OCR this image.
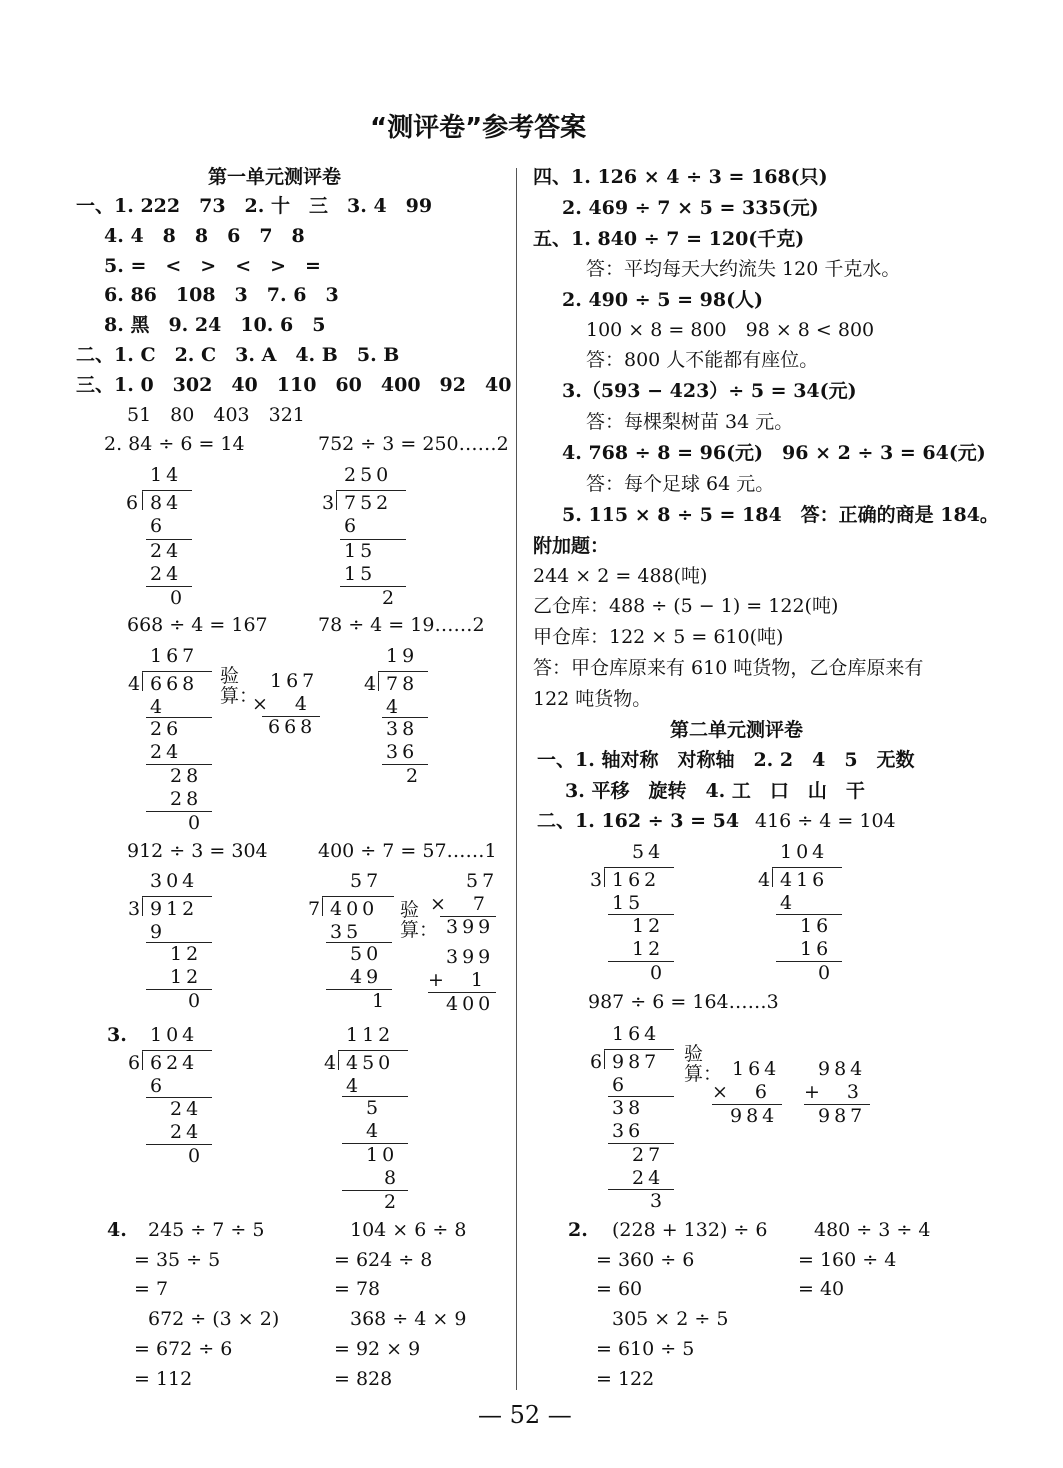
“测评卷”参考答案
第一单元测评卷
一、1. 222　73　2. 十　三　3. 4　99
4. 4　8　8　6　7　8
5. =　<　>　<　>　=
6. 86　108　3　7. 6　3
8. 黑　9. 24　10. 6　5
二、1. C　2. C　3. A　4. B　5. B
三、1. 0　302　40　110　60　400　92　40
51　80　403　321
2. 84 ÷ 6 = 14	752 ÷ 3 = 250……2
14
6 84
6
24
24
0
250
3 752
6
15
15
2
668 ÷ 4 = 167	78 ÷ 4 = 19……2
167
4 668
4
26
24
28
28
0
验算：
167
×　4
668
19
4 78
4
38
36
2
912 ÷ 3 = 304	400 ÷ 7 = 57……1
304
3 912
9
12
12
0
57
7 400
35
50
49
1
验算：
57
×　7
399
399
+　1
400
3. 104
6 624
6
24
24
0
112
4 450
4
5
4
10
8
2
4. 245 ÷ 7 ÷ 5
= 35 ÷ 5
= 7
104 × 6 ÷ 8
= 624 ÷ 8
= 78
672 ÷ (3 × 2)
= 672 ÷ 6
= 112
368 ÷ 4 × 9
= 92 × 9
= 828
四、1. 126 × 4 ÷ 3 = 168(只)
2. 469 ÷ 7 × 5 = 335(元)
五、1. 840 ÷ 7 = 120(千克)
答：平均每天大约流失 120 千克水。
2. 490 ÷ 5 = 98(人)
100 × 8 = 800　98 × 8 < 800
答：800 人不能都有座位。
3.（593 − 423）÷ 5 = 34(元)
答：每棵梨树苗 34 元。
4. 768 ÷ 8 = 96(元)　96 × 2 ÷ 3 = 64(元)
答：每个足球 64 元。
5. 115 × 8 ÷ 5 = 184　答：正确的商是 184。
附加题：
244 × 2 = 488(吨)
乙仓库：488 ÷ (5 − 1) = 122(吨)
甲仓库：122 × 5 = 610(吨)
答：甲仓库原来有 610 吨货物，乙仓库原来有
122 吨货物。
第二单元测评卷
一、1. 轴对称　对称轴　2. 2　4　5　无数
3. 平移　旋转　4. 工　口　山　干
二、1. 162 ÷ 3 = 54 416 ÷ 4 = 104
54
3 162
15
12
12
0
104
4 416
4
16
16
0
987 ÷ 6 = 164……3
164
6 987
6
38
36
27
24
3
验算： 164
×　6
984
984
+　3
987
2. (228 + 132) ÷ 6
= 360 ÷ 6
= 60
480 ÷ 3 ÷ 4
= 160 ÷ 4
= 40
305 × 2 ÷ 5
= 610 ÷ 5
= 122
— 52 —
